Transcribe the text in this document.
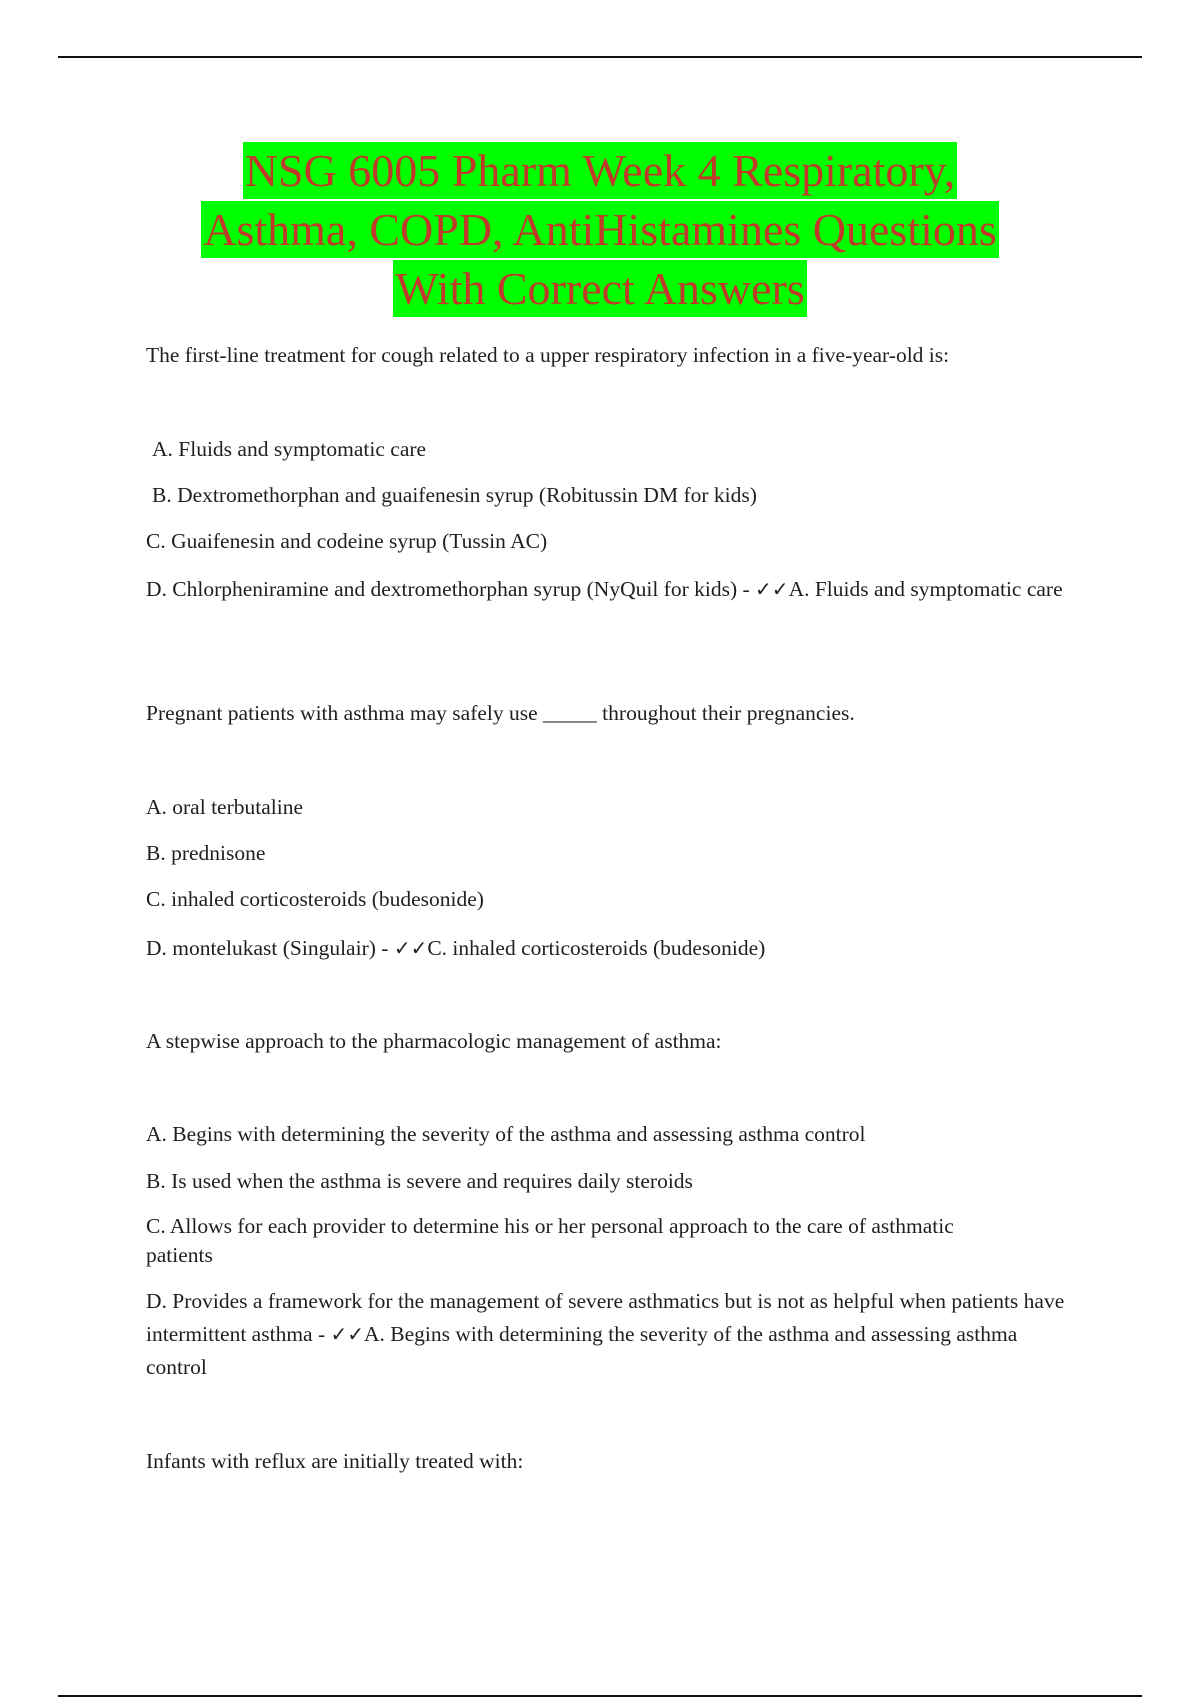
NSG 6005 Pharm Week 4 Respiratory,
Asthma, COPD, AntiHistamines Questions
With Correct Answers

The first-line treatment for cough related to a upper respiratory infection in a five-year-old is:

A. Fluids and symptomatic care

B. Dextromethorphan and guaifenesin syrup (Robitussin DM for kids)

C. Guaifenesin and codeine syrup (Tussin AC)

D. Chlorpheniramine and dextromethorphan syrup (NyQuil for kids) - ✓✓A. Fluids and symptomatic care

Pregnant patients with asthma may safely use _____ throughout their pregnancies.

A. oral terbutaline

B. prednisone

C. inhaled corticosteroids (budesonide)

D. montelukast (Singulair) - ✓✓C. inhaled corticosteroids (budesonide)

A stepwise approach to the pharmacologic management of asthma:

A. Begins with determining the severity of the asthma and assessing asthma control

B. Is used when the asthma is severe and requires daily steroids

C. Allows for each provider to determine his or her personal approach to the care of asthmatic patients

D. Provides a framework for the management of severe asthmatics but is not as helpful when patients have intermittent asthma - ✓✓A. Begins with determining the severity of the asthma and assessing asthma control

Infants with reflux are initially treated with:
